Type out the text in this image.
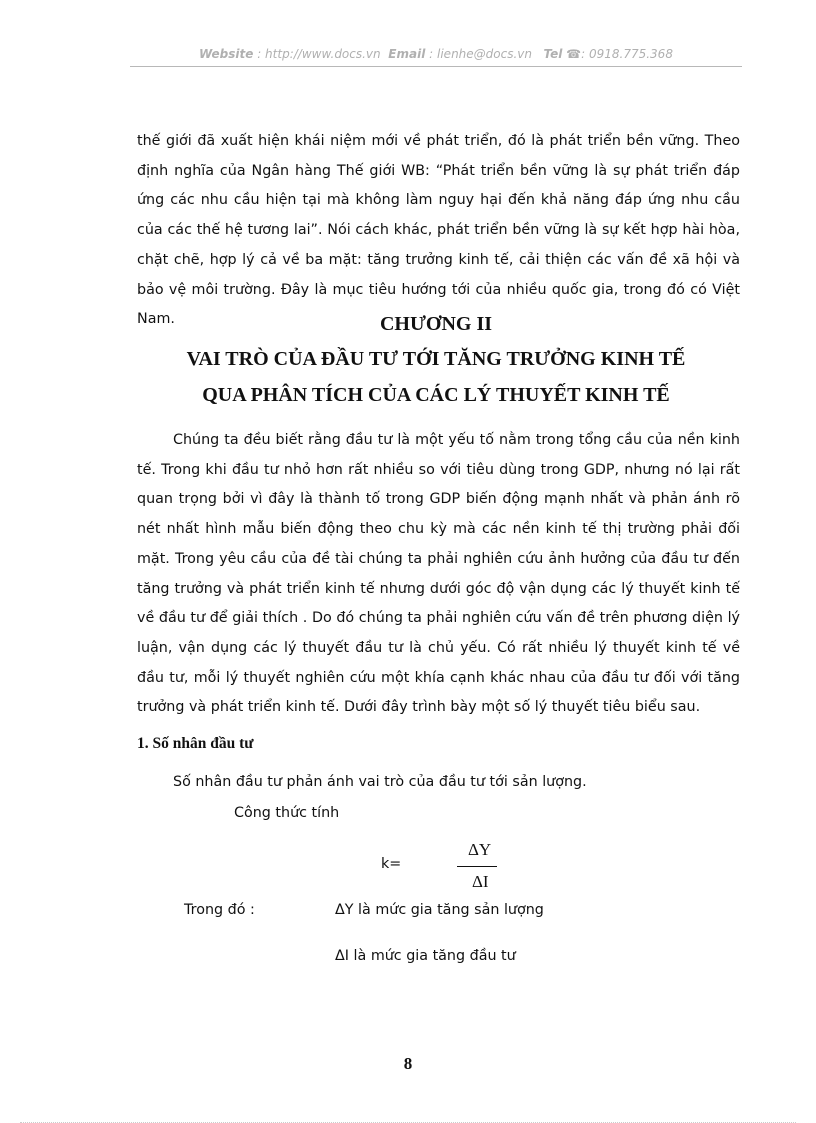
Website : http://www.docs.vn Email : lienhe@docs.vn Tel ☎: 0918.775.368
thế giới đã xuất hiện khái niệm mới về phát triển, đó là phát triển bền vững. Theo định nghĩa của Ngân hàng Thế giới WB: “Phát triển bền vững là sự phát triển đáp ứng các nhu cầu hiện tại mà không làm nguy hại đến khả năng đáp ứng nhu cầu của các thế hệ tương lai”. Nói cách khác, phát triển bền vững là sự kết hợp hài hòa, chặt chẽ, hợp lý cả về ba mặt: tăng trưởng kinh tế, cải thiện các vấn đề xã hội và bảo vệ môi trường. Đây là mục tiêu hướng tới của nhiều quốc gia, trong đó có Việt Nam.	CHƯƠNG II
VAI TRÒ CỦA ĐẦU TƯ TỚI TĂNG TRƯỞNG KINH TẾ
QUA PHÂN TÍCH CỦA CÁC LÝ THUYẾT KINH TẾ
Chúng ta đều biết rằng đầu tư là một yếu tố nằm trong tổng cầu của nền kinh tế. Trong khi đầu tư nhỏ hơn rất nhiều so với tiêu dùng trong GDP, nhưng nó lại rất quan trọng bởi vì đây là thành tố trong GDP biến động mạnh nhất và phản ánh rõ nét nhất hình mẫu biến động theo chu kỳ mà các nền kinh tế thị trường phải đối mặt. Trong yêu cầu của đề tài chúng ta phải nghiên cứu ảnh hưởng của đầu tư đến tăng trưởng và phát triển kinh tế nhưng dưới góc độ vận dụng các lý thuyết kinh tế về đầu tư để giải thích . Do đó chúng ta phải nghiên cứu vấn đề trên phương diện lý luận, vận dụng các lý thuyết đầu tư là chủ yếu. Có rất nhiều lý thuyết kinh tế về đầu tư, mỗi lý thuyết nghiên cứu một khía cạnh khác nhau của đầu tư đối với tăng trưởng và phát triển kinh tế. Dưới đây trình bày một số lý thuyết tiêu biểu sau.
1. Số nhân đầu tư
Số nhân đầu tư phản ánh vai trò của đầu tư tới sản lượng.
Công thức tính
k=
ΔY
ΔI
Trong đó :	ΔY là mức gia tăng sản lượng
ΔI là mức gia tăng đầu tư
8
